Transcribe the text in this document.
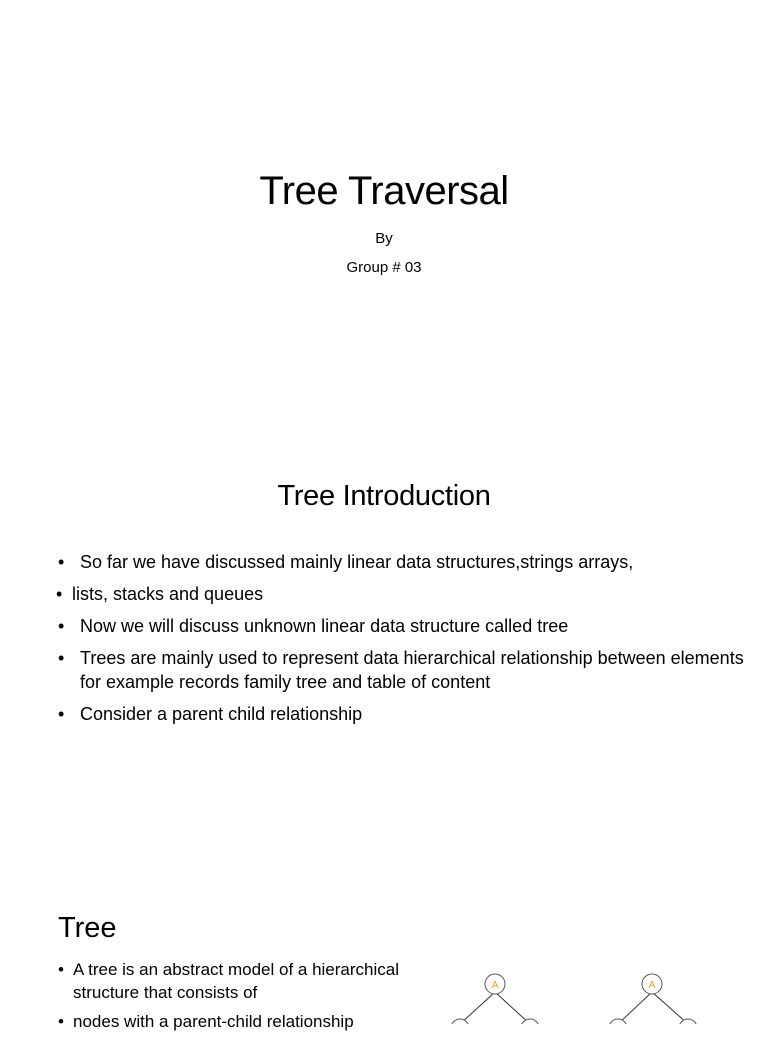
Tree Traversal
By
Group # 03
Tree Introduction
• So far we have discussed mainly linear data structures,strings arrays,
• lists, stacks and queues
• Now we will discuss unknown linear data structure called tree
• Trees are mainly used to represent data hierarchical relationship between elements for example records family tree and table of content
• Consider a parent child relationship
Tree
• A tree is an abstract model of a hierarchical structure that consists of
• nodes with a parent-child relationship
A	A
